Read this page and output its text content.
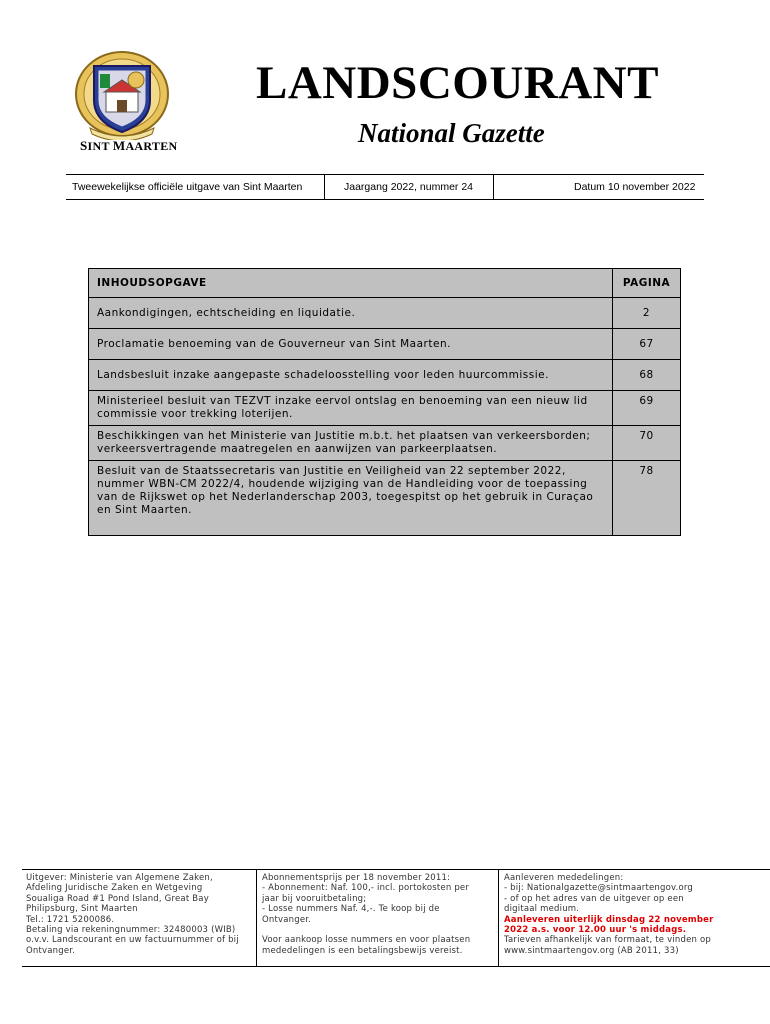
SINT MAARTEN
LANDSCOURANT
National Gazette
Tweewekelijkse officiële uitgave van Sint Maarten	Jaargang 2022, nummer 24	Datum 10 november 2022
INHOUDSOPGAVE	PAGINA

Aankondigingen, echtscheiding en liquidatie.	2

Proclamatie benoeming van de Gouverneur van Sint Maarten.	67

Landsbesluit inzake aangepaste schadeloosstelling voor leden huurcommissie.	68

Ministerieel besluit van TEZVT inzake eervol ontslag en benoeming van een nieuw lid
commissie voor trekking loterijen.	69

Beschikkingen van het Ministerie van Justitie m.b.t. het plaatsen van verkeersborden;
verkeersvertragende maatregelen en aanwijzen van parkeerplaatsen.	70

Besluit van de Staatssecretaris van Justitie en Veiligheid van 22 september 2022,
nummer WBN-CM 2022/4, houdende wijziging van de Handleiding voor de toepassing
van de Rijkswet op het Nederlanderschap 2003, toegespitst op het gebruik in Curaçao
en Sint Maarten.	78
Uitgever: Ministerie van Algemene Zaken,
Afdeling Juridische Zaken en Wetgeving
Soualiga Road #1 Pond Island, Great Bay
Philipsburg, Sint Maarten
Tel.: 1721 5200086.
Betaling via rekeningnummer: 32480003 (WIB)
o.v.v. Landscourant en uw factuurnummer of bij
Ontvanger.
Abonnementsprijs per 18 november 2011:
- Abonnement: Naf. 100,- incl. portokosten per
jaar bij vooruitbetaling;
- Losse nummers Naf. 4,-. Te koop bij de
Ontvanger.
Voor aankoop losse nummers en voor plaatsen
mededelingen is een betalingsbewijs vereist.
Aanleveren mededelingen:
- bij: Nationalgazette@sintmaartengov.org
- of op het adres van de uitgever op een
digitaal medium.
Aanleveren uiterlijk dinsdag 22 november
2022 a.s. voor 12.00 uur 's middags.
Tarieven afhankelijk van formaat, te vinden op
www.sintmaartengov.org (AB 2011, 33)
